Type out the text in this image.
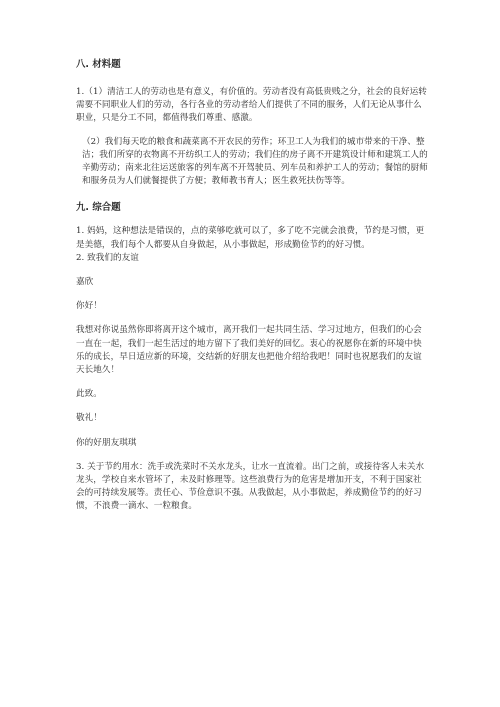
八. 材料题

1.（1）清洁工人的劳动也是有意义，有价值的。劳动者没有高低贵贱之分，社会的良好运转需要不同职业人们的劳动，各行各业的劳动者给人们提供了不同的服务，人们无论从事什么职业，只是分工不同，都值得我们尊重、感激。

（2）我们每天吃的粮食和蔬菜离不开农民的劳作；环卫工人为我们的城市带来的干净、整洁；我们所穿的衣物离不开纺织工人的劳动；我们住的房子离不开建筑设计师和建筑工人的辛勤劳动；南来北往运送旅客的列车离不开驾驶员、列车员和养护工人的劳动；餐馆的厨师和服务员为人们就餐提供了方便；教师教书育人；医生救死扶伤等等。

九. 综合题

1. 妈妈，这种想法是错误的，点的菜够吃就可以了，多了吃不完就会浪费，节约是习惯，更是美德，我们每个人都要从自身做起，从小事做起，形成勤俭节约的好习惯。

2. 致我们的友谊

嘉欣

你好！

我想对你说虽然你即将离开这个城市，离开我们一起共同生活、学习过地方，但我们的心会一直在一起，我们一起生活过的地方留下了我们美好的回忆。衷心的祝愿你在新的环境中快乐的成长，早日适应新的环境，交结新的好朋友也把他介绍给我吧！同时也祝愿我们的友谊天长地久！

此致。

敬礼！

你的好朋友琪琪

3. 关于节约用水：洗手或洗菜时不关水龙头，让水一直流着。出门之前，或接待客人未关水龙头，学校自来水管坏了，未及时修理等。这些浪费行为的危害是增加开支，不利于国家社会的可持续发展等。责任心、节俭意识不强。从我做起，从小事做起，养成勤俭节约的好习惯，不浪费一滴水、一粒粮食。
